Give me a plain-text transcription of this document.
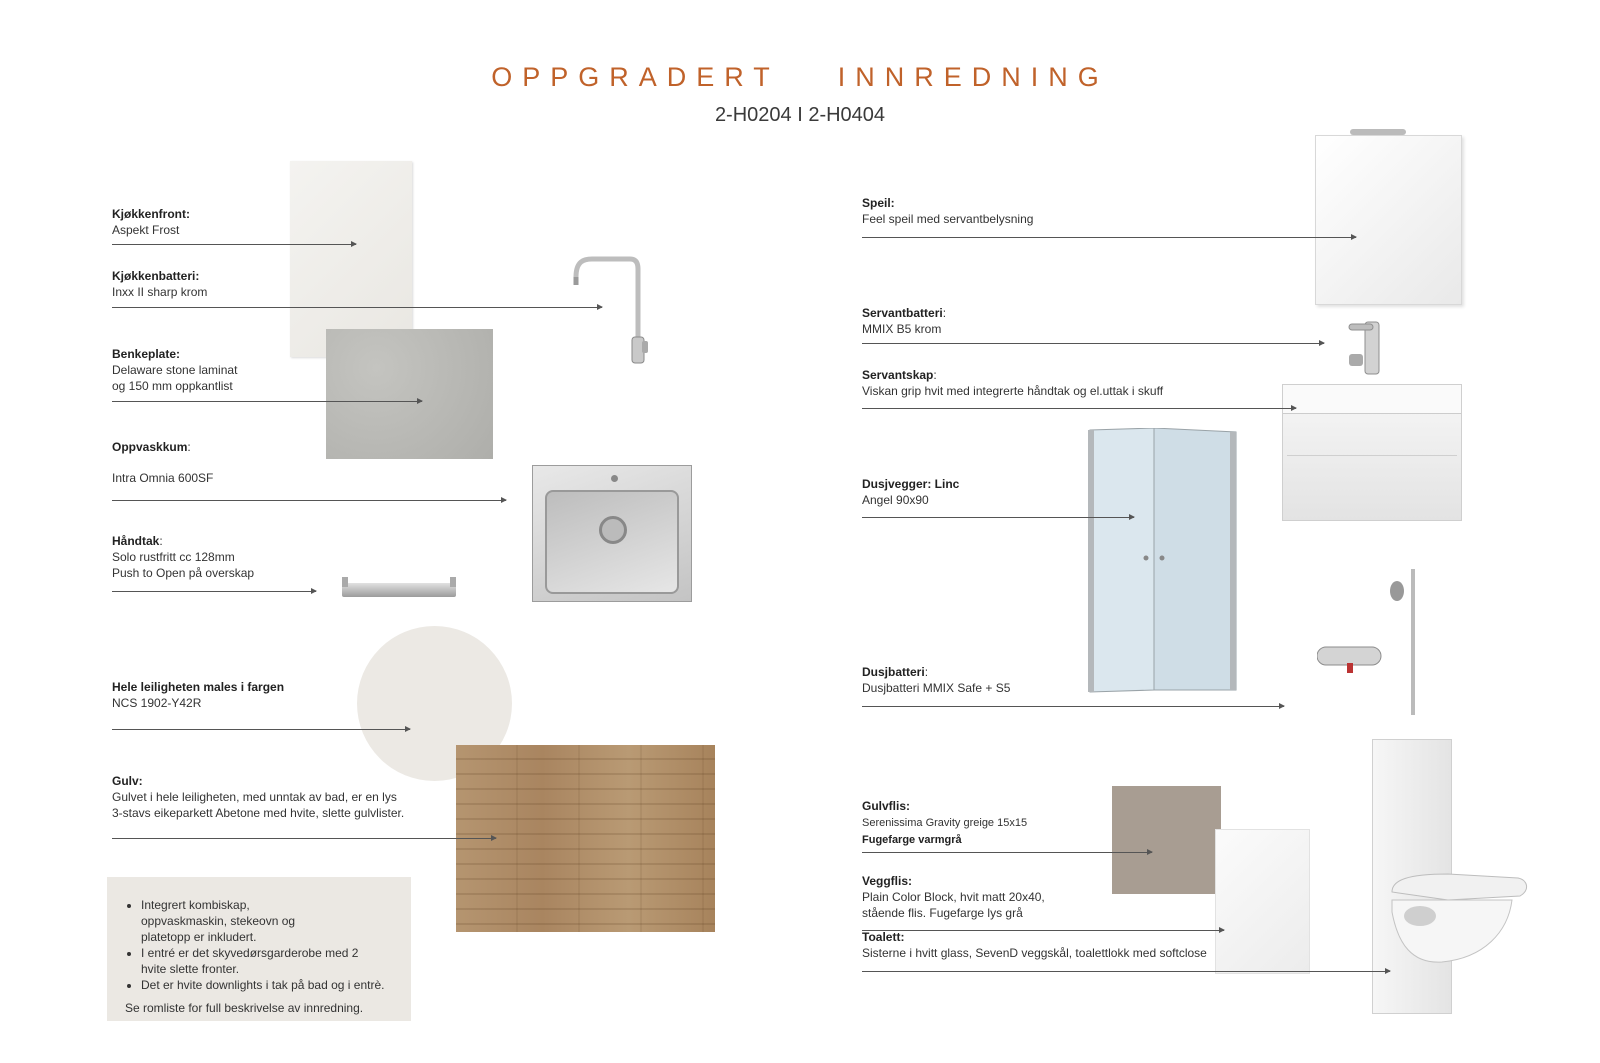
OPPGRADERT INNREDNING
2-H0204 I 2-H0404
Kjøkkenfront:
Aspekt Frost
Kjøkkenbatteri:
Inxx II sharp krom
Benkeplate:
Delaware stone laminat
og 150 mm oppkantlist
Oppvaskkum:
Intra Omnia 600SF
Håndtak:
Solo rustfritt cc 128mm
Push to Open på overskap
Hele leiligheten males i fargen
NCS 1902-Y42R
Gulv:
Gulvet i hele leiligheten, med unntak av bad, er en lys
3-stavs eikeparkett Abetone med hvite, slette gulvlister.
• Integrert kombiskap,
oppvaskmaskin, stekeovn og
platetopp er inkludert.
• I entré er det skyvedørsgarderobe med 2
hvite slette fronter.
• Det er hvite downlights i tak på bad og i entrè.
Se romliste for full beskrivelse av innredning.
Speil:
Feel speil med servantbelysning
Servantbatteri:
MMIX B5 krom
Servantskap:
Viskan grip hvit med integrerte håndtak og el.uttak i skuff
Dusjvegger: Linc
Angel 90x90
Dusjbatteri:
Dusjbatteri MMIX Safe + S5
Gulvflis:
Serenissima Gravity greige 15x15
Fugefarge varmgrå
Veggflis:
Plain Color Block, hvit matt 20x40,
stående flis. Fugefarge lys grå
Toalett:
Sisterne i hvitt glass, SevenD veggskål, toalettlokk med softclose
